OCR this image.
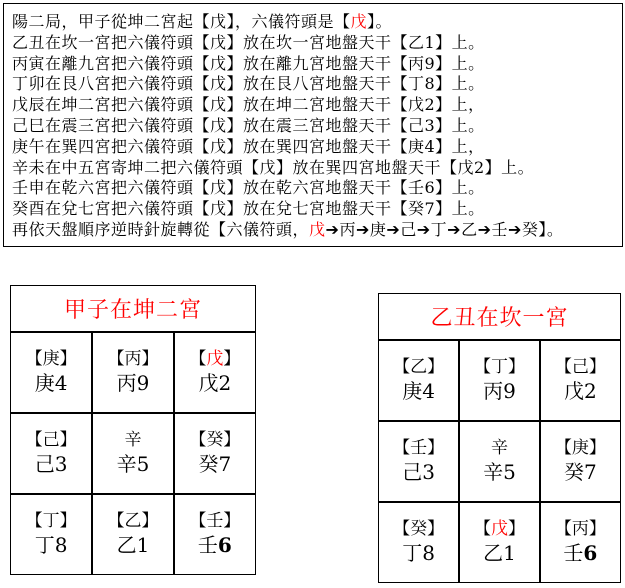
陽二局，甲子從坤二宮起【戊】，六儀符頭是【戊】。
乙丑在坎一宮把六儀符頭【戊】放在坎一宮地盤天干【乙1】上。
丙寅在離九宮把六儀符頭【戊】放在離九宮地盤天干【丙9】上。
丁卯在艮八宮把六儀符頭【戊】放在艮八宮地盤天干【丁8】上。
戊辰在坤二宮把六儀符頭【戊】放在坤二宮地盤天干【戊2】上，
己巳在震三宮把六儀符頭【戊】放在震三宮地盤天干【己3】上。
庚午在巽四宮把六儀符頭【戊】放在巽四宮地盤天干【庚4】上，
辛未在中五宮寄坤二把六儀符頭【戊】放在巽四宮地盤天干【戊2】上。
壬申在乾六宮把六儀符頭【戊】放在乾六宮地盤天干【壬6】上。
癸酉在兌七宮把六儀符頭【戊】放在兌七宮地盤天干【癸7】上。
再依天盤順序逆時針旋轉從【六儀符頭，戊➔丙➔庚➔己➔丁➔乙➔壬➔癸】。
甲子在坤二宮
【庚】
庚4
【丙】
丙9
【戊】
戊2
【己】
己3
辛
辛5
【癸】
癸7
【丁】
丁8
【乙】
乙1
【壬】
壬6
乙丑在坎一宮
【乙】
庚4
【丁】
丙9
【己】
戊2
【壬】
己3
辛
辛5
【庚】
癸7
【癸】
丁8
【戊】
乙1
【丙】
壬6
